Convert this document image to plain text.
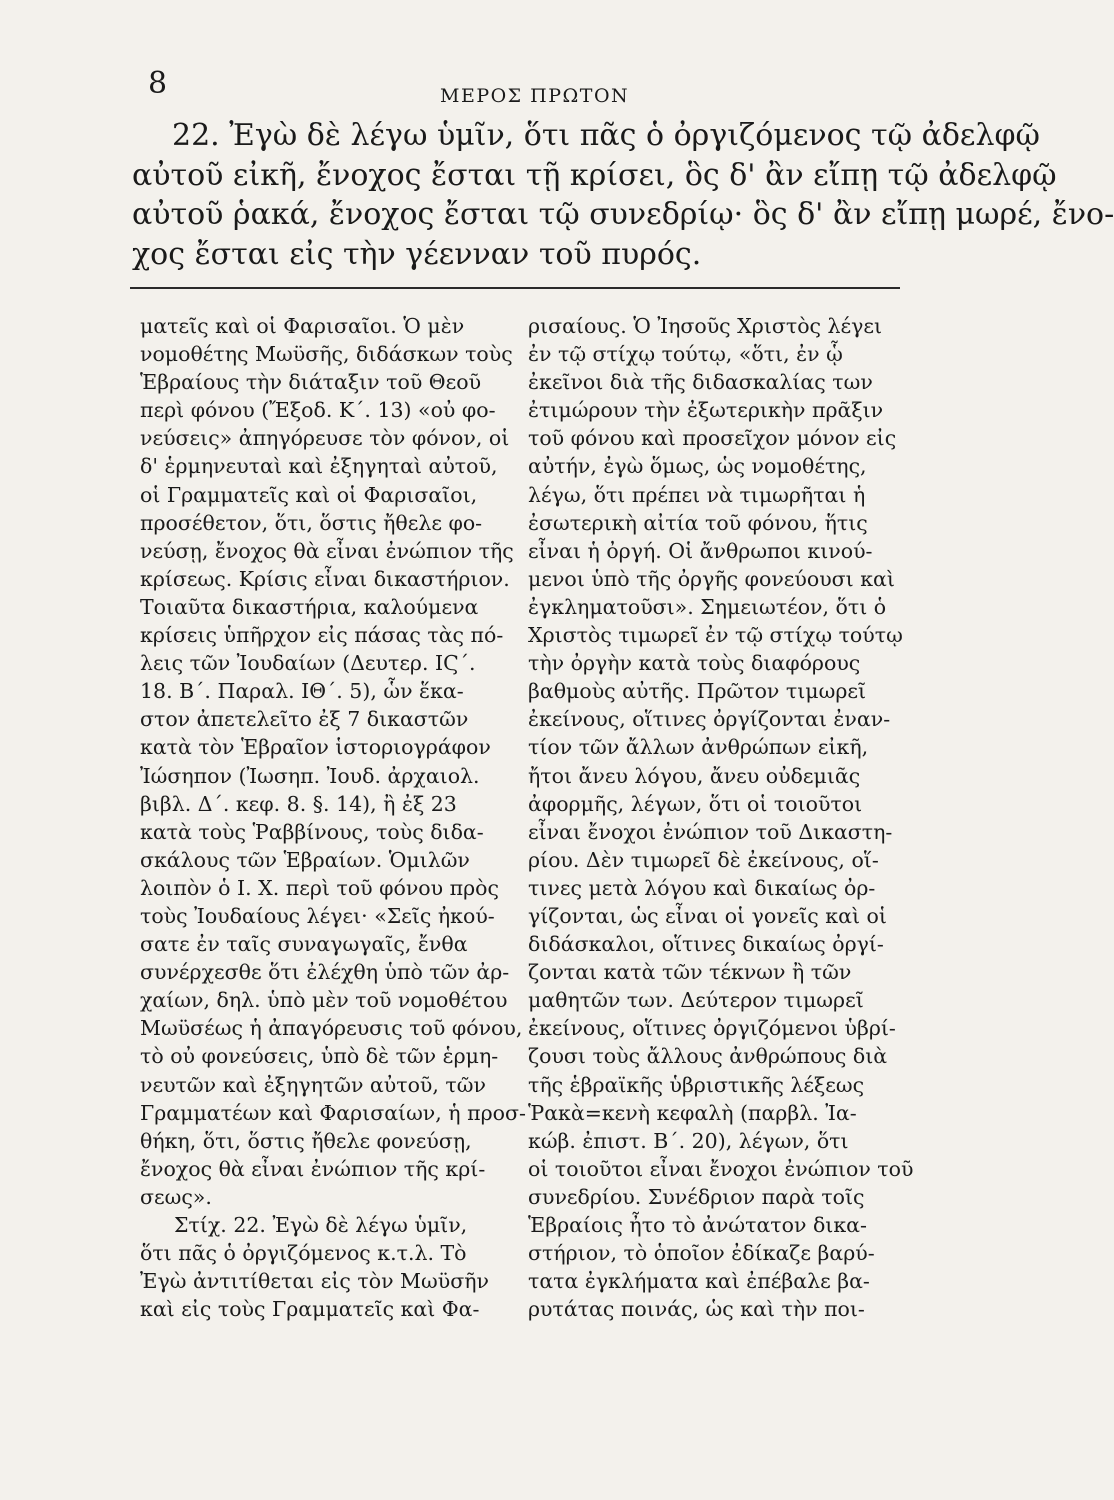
8	ΜΕΡΟΣ ΠΡΩΤΟΝ
22. Ἐγὼ δὲ λέγω ὑμῖν, ὅτι πᾶς ὁ ὀργιζόμενος τῷ ἀδελφῷ
αὐτοῦ εἰκῆ, ἔνοχος ἔσται τῇ κρίσει, ὃς δ' ἂν εἴπῃ τῷ ἀδελφῷ
αὐτοῦ ῥακά, ἔνοχος ἔσται τῷ συνεδρίῳ· ὃς δ' ἂν εἴπῃ μωρέ, ἔνο-
χος ἔσται εἰς τὴν γέενναν τοῦ πυρός.
ματεῖς καὶ οἱ Φαρισαῖοι. Ὁ μὲν
νομοθέτης Μωϋσῆς, διδάσκων τοὺς
Ἑβραίους τὴν διάταξιν τοῦ Θεοῦ
περὶ φόνου (Ἔξοδ. Κ΄. 13) «οὐ φο-
νεύσεις» ἀπηγόρευσε τὸν φόνον, οἱ
δ' ἑρμηνευταὶ καὶ ἐξηγηταὶ αὐτοῦ,
οἱ Γραμματεῖς καὶ οἱ Φαρισαῖοι,
προσέθετον, ὅτι, ὅστις ἤθελε φο-
νεύσῃ, ἔνοχος θὰ εἶναι ἐνώπιον τῆς
κρίσεως. Κρίσις εἶναι δικαστήριον.
Τοιαῦτα δικαστήρια, καλούμενα
κρίσεις ὑπῆρχον εἰς πάσας τὰς πό-
λεις τῶν Ἰουδαίων (Δευτερ. ΙϚ΄.
18. Β΄. Παραλ. ΙΘ΄. 5), ὧν ἕκα-
στον ἀπετελεῖτο ἐξ 7 δικαστῶν
κατὰ τὸν Ἑβραῖον ἱστοριογράφον
Ἰώσηπον (Ἰωσηπ. Ἰουδ. ἀρχαιολ.
βιβλ. Δ΄. κεφ. 8. §. 14), ἢ ἐξ 23
κατὰ τοὺς Ῥαββίνους, τοὺς διδα-
σκάλους τῶν Ἑβραίων. Ὁμιλῶν
λοιπὸν ὁ Ι. Χ. περὶ τοῦ φόνου πρὸς
τοὺς Ἰουδαίους λέγει· «Σεῖς ἠκού-
σατε ἐν ταῖς συναγωγαῖς, ἔνθα
συνέρχεσθε ὅτι ἐλέχθη ὑπὸ τῶν ἀρ-
χαίων, δηλ. ὑπὸ μὲν τοῦ νομοθέτου
Μωϋσέως ἡ ἀπαγόρευσις τοῦ φόνου,
τὸ οὐ φονεύσεις, ὑπὸ δὲ τῶν ἑρμη-
νευτῶν καὶ ἐξηγητῶν αὐτοῦ, τῶν
Γραμματέων καὶ Φαρισαίων, ἡ προσ-
θήκη, ὅτι, ὅστις ἤθελε φονεύσῃ,
ἔνοχος θὰ εἶναι ἐνώπιον τῆς κρί-
σεως».
Στίχ. 22. Ἐγὼ δὲ λέγω ὑμῖν,
ὅτι πᾶς ὁ ὀργιζόμενος κ.τ.λ. Τὸ
Ἐγὼ ἀντιτίθεται εἰς τὸν Μωϋσῆν
καὶ εἰς τοὺς Γραμματεῖς καὶ Φα-
ρισαίους. Ὁ Ἰησοῦς Χριστὸς λέγει
ἐν τῷ στίχῳ τούτῳ, «ὅτι, ἐν ᾧ
ἐκεῖνοι διὰ τῆς διδασκαλίας των
ἐτιμώρουν τὴν ἐξωτερικὴν πρᾶξιν
τοῦ φόνου καὶ προσεῖχον μόνον εἰς
αὐτήν, ἐγὼ ὅμως, ὡς νομοθέτης,
λέγω, ὅτι πρέπει νὰ τιμωρῆται ἡ
ἐσωτερικὴ αἰτία τοῦ φόνου, ἥτις
εἶναι ἡ ὀργή. Οἱ ἄνθρωποι κινού-
μενοι ὑπὸ τῆς ὀργῆς φονεύουσι καὶ
ἐγκληματοῦσι». Σημειωτέον, ὅτι ὁ
Χριστὸς τιμωρεῖ ἐν τῷ στίχῳ τούτῳ
τὴν ὀργὴν κατὰ τοὺς διαφόρους
βαθμοὺς αὐτῆς. Πρῶτον τιμωρεῖ
ἐκείνους, οἵτινες ὀργίζονται ἐναν-
τίον τῶν ἄλλων ἀνθρώπων εἰκῆ,
ἤτοι ἄνευ λόγου, ἄνευ οὐδεμιᾶς
ἀφορμῆς, λέγων, ὅτι οἱ τοιοῦτοι
εἶναι ἔνοχοι ἐνώπιον τοῦ Δικαστη-
ρίου. Δὲν τιμωρεῖ δὲ ἐκείνους, οἵ-
τινες μετὰ λόγου καὶ δικαίως ὀρ-
γίζονται, ὡς εἶναι οἱ γονεῖς καὶ οἱ
διδάσκαλοι, οἵτινες δικαίως ὀργί-
ζονται κατὰ τῶν τέκνων ἢ τῶν
μαθητῶν των. Δεύτερον τιμωρεῖ
ἐκείνους, οἵτινες ὀργιζόμενοι ὑβρί-
ζουσι τοὺς ἄλλους ἀνθρώπους διὰ
τῆς ἑβραϊκῆς ὑβριστικῆς λέξεως
Ῥακὰ=κενὴ κεφαλὴ (παρβλ. Ἰα-
κώβ. ἐπιστ. Β΄. 20), λέγων, ὅτι
οἱ τοιοῦτοι εἶναι ἔνοχοι ἐνώπιον τοῦ
συνεδρίου. Συνέδριον παρὰ τοῖς
Ἑβραίοις ἦτο τὸ ἀνώτατον δικα-
στήριον, τὸ ὁποῖον ἐδίκαζε βαρύ-
τατα ἐγκλήματα καὶ ἐπέβαλε βα-
ρυτάτας ποινάς, ὡς καὶ τὴν ποι-
